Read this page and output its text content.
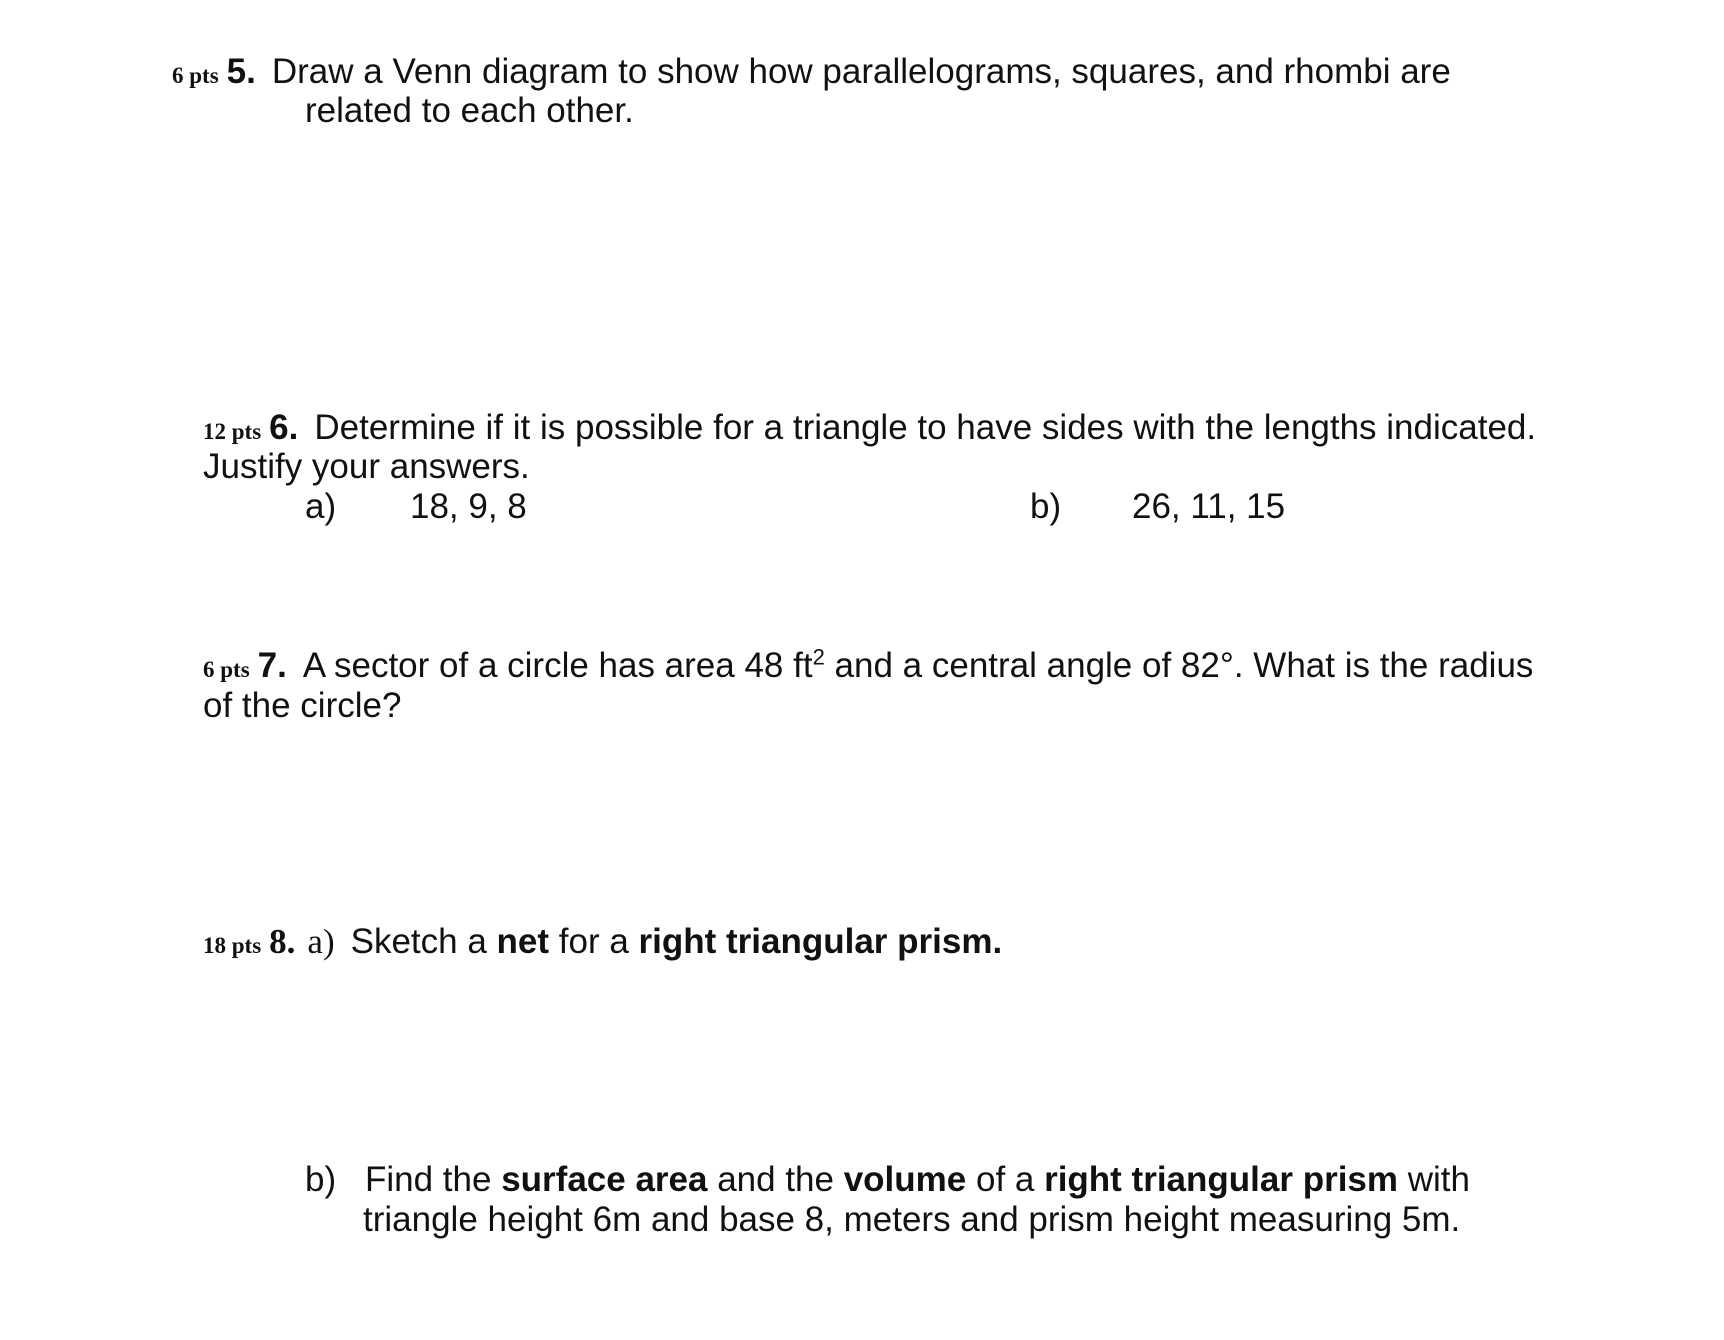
6 pts 5. Draw a Venn diagram to show how parallelograms, squares, and rhombi are
related to each other.
12 pts 6. Determine if it is possible for a triangle to have sides with the lengths indicated.
Justify your answers.
a) 18, 9, 8	b) 26, 11, 15
6 pts 7. A sector of a circle has area 48 $ft^2$ and a central angle of 82°. What is the radius
of the circle?
18 pts 8. a) Sketch a net for a right triangular prism.
b) Find the surface area and the volume of a right triangular prism with
triangle height 6m and base 8, meters and prism height measuring 5m.
